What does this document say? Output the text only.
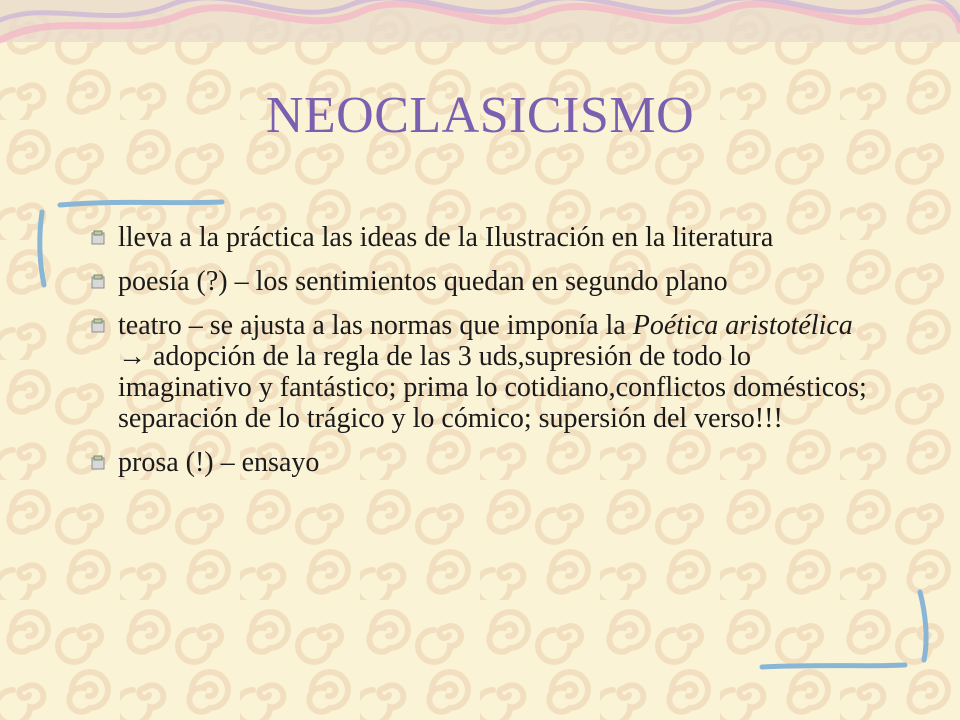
NEOCLASICISMO
lleva a la práctica las ideas de la Ilustración en la literatura
poesía (?) – los sentimientos quedan en segundo plano
teatro – se ajusta a las normas que imponía la Poética aristotélica → adopción de la regla de las 3 uds,supresión de todo lo imaginativo y fantástico; prima lo cotidiano,conflictos domésticos; separación de lo trágico y lo cómico; supersión del verso!!!
prosa (!) – ensayo
